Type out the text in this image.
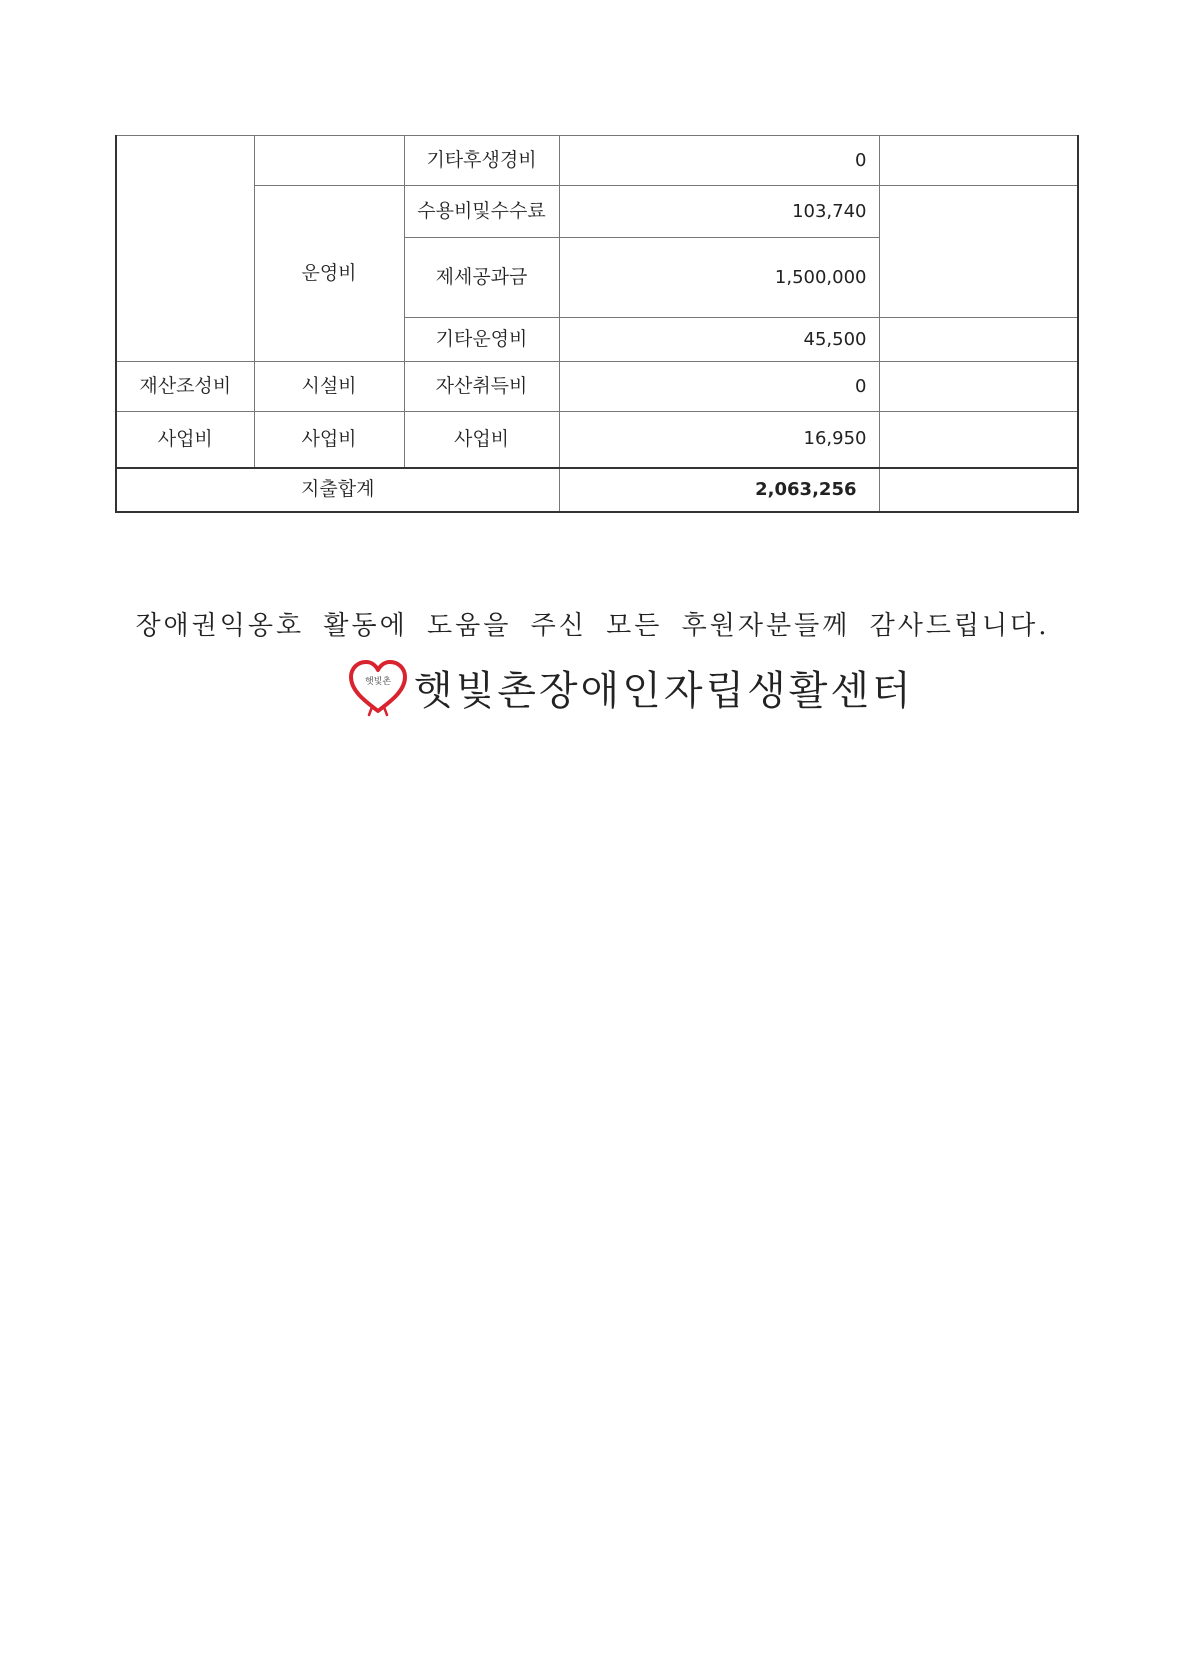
		기타후생경비	0	
	운영비	수용비및수수료	103,740	
		제세공과금	1,500,000	
		기타운영비	45,500	
재산조성비	시설비	자산취득비	0	
사업비	사업비	사업비	16,950	
지출합계			2,063,256	
장애권익옹호 활동에 도움을 주신 모든 후원자분들께 감사드립니다.
햇빛촌 햇빛촌장애인자립생활센터
